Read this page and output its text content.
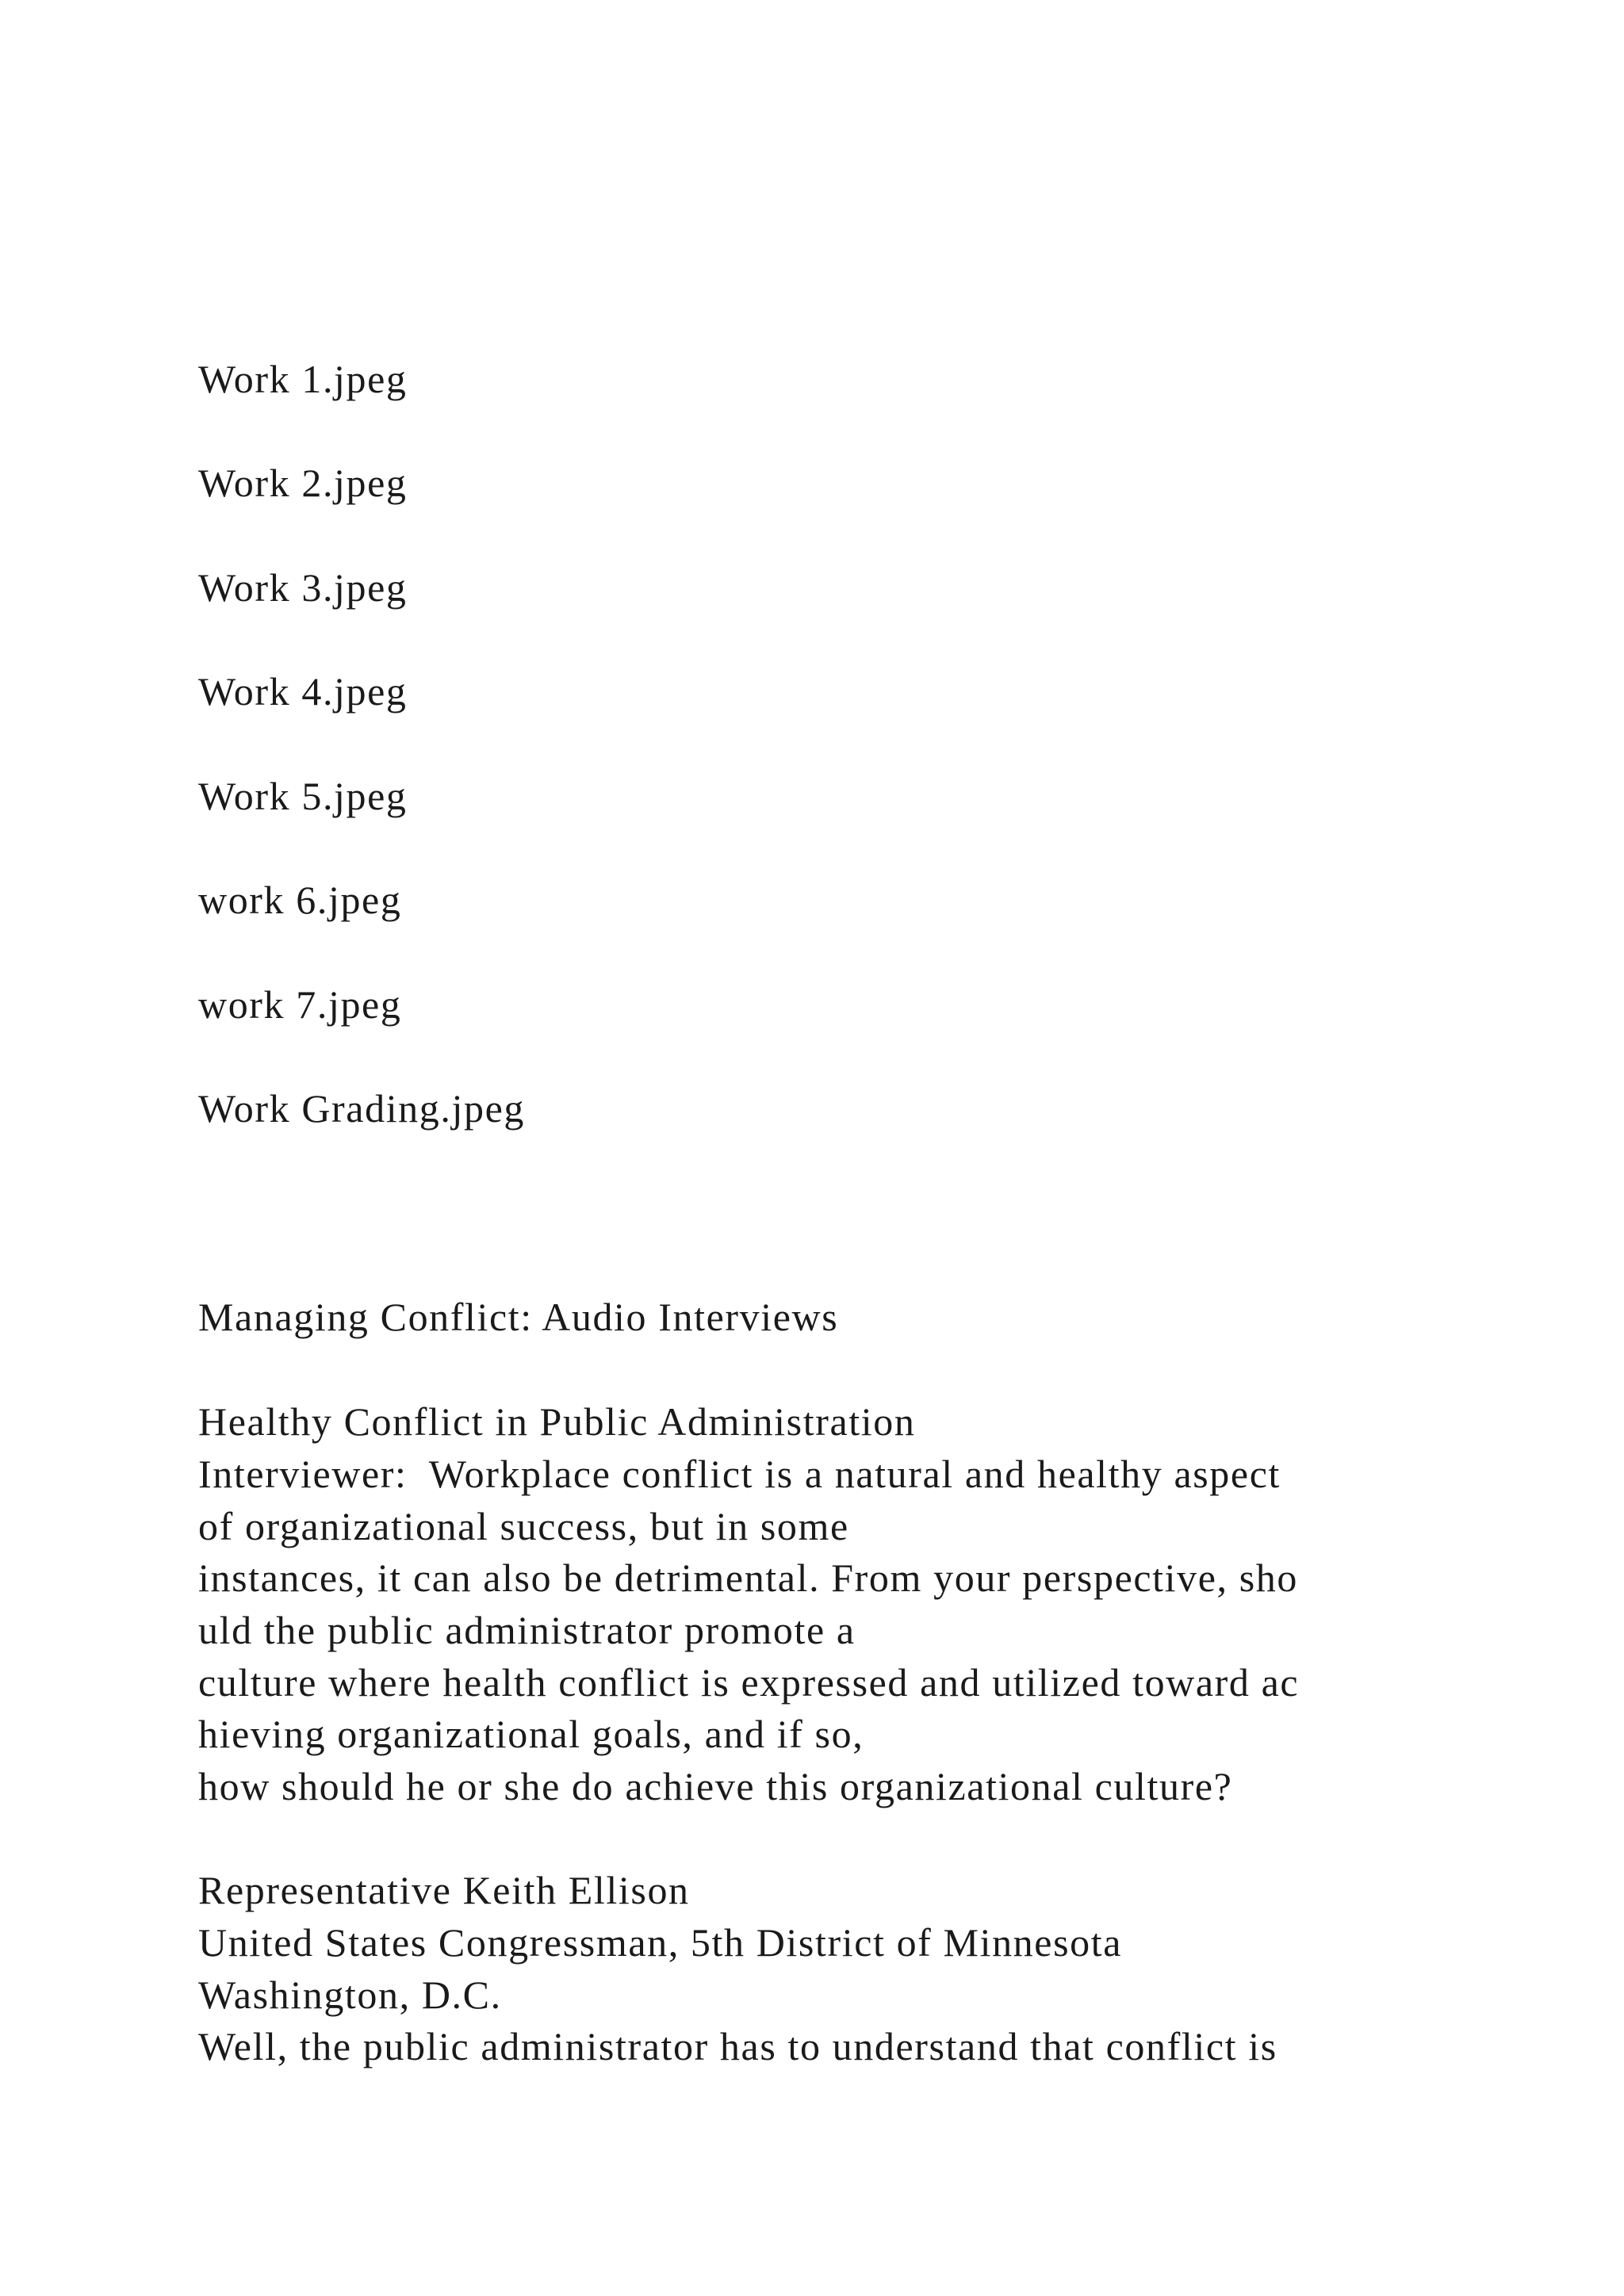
Work 1.jpeg
Work 2.jpeg
Work 3.jpeg
Work 4.jpeg
Work 5.jpeg
work 6.jpeg
work 7.jpeg
Work Grading.jpeg
Managing Conflict: Audio Interviews
Healthy Conflict in Public Administration
Interviewer:  Workplace conflict is a natural and healthy aspect
of organizational success, but in some
instances, it can also be detrimental. From your perspective, sho
uld the public administrator promote a
culture where health conflict is expressed and utilized toward ac
hieving organizational goals, and if so,
how should he or she do achieve this organizational culture?
Representative Keith Ellison
United States Congressman, 5th District of Minnesota
Washington, D.C.
Well, the public administrator has to understand that conflict is
